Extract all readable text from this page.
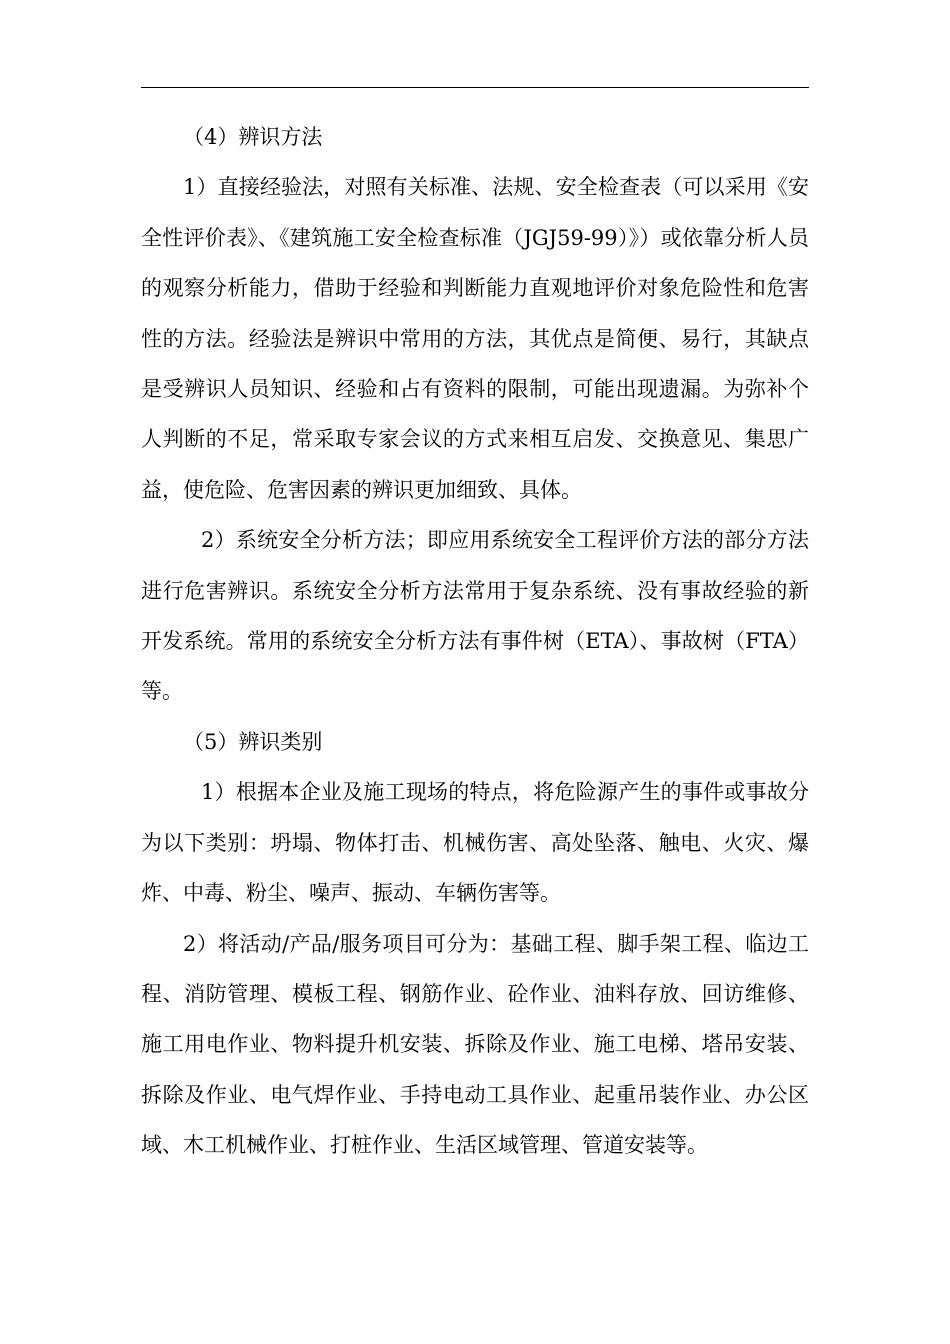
（4）辨识方法

1）直接经验法，对照有关标准、法规、安全检查表（可以采用《安全性评价表》、《建筑施工安全检查标准（JGJ59-99）》）或依靠分析人员的观察分析能力，借助于经验和判断能力直观地评价对象危险性和危害性的方法。经验法是辨识中常用的方法，其优点是简便、易行，其缺点是受辨识人员知识、经验和占有资料的限制，可能出现遗漏。为弥补个人判断的不足，常采取专家会议的方式来相互启发、交换意见、集思广益，使危险、危害因素的辨识更加细致、具体。

2）系统安全分析方法；即应用系统安全工程评价方法的部分方法进行危害辨识。系统安全分析方法常用于复杂系统、没有事故经验的新开发系统。常用的系统安全分析方法有事件树（ETA）、事故树（FTA）等。

（5）辨识类别

1）根据本企业及施工现场的特点，将危险源产生的事件或事故分为以下类别：坍塌、物体打击、机械伤害、高处坠落、触电、火灾、爆炸、中毒、粉尘、噪声、振动、车辆伤害等。

2）将活动/产品/服务项目可分为：基础工程、脚手架工程、临边工程、消防管理、模板工程、钢筋作业、砼作业、油料存放、回访维修、施工用电作业、物料提升机安装、拆除及作业、施工电梯、塔吊安装、拆除及作业、电气焊作业、手持电动工具作业、起重吊装作业、办公区域、木工机械作业、打桩作业、生活区域管理、管道安装等。
